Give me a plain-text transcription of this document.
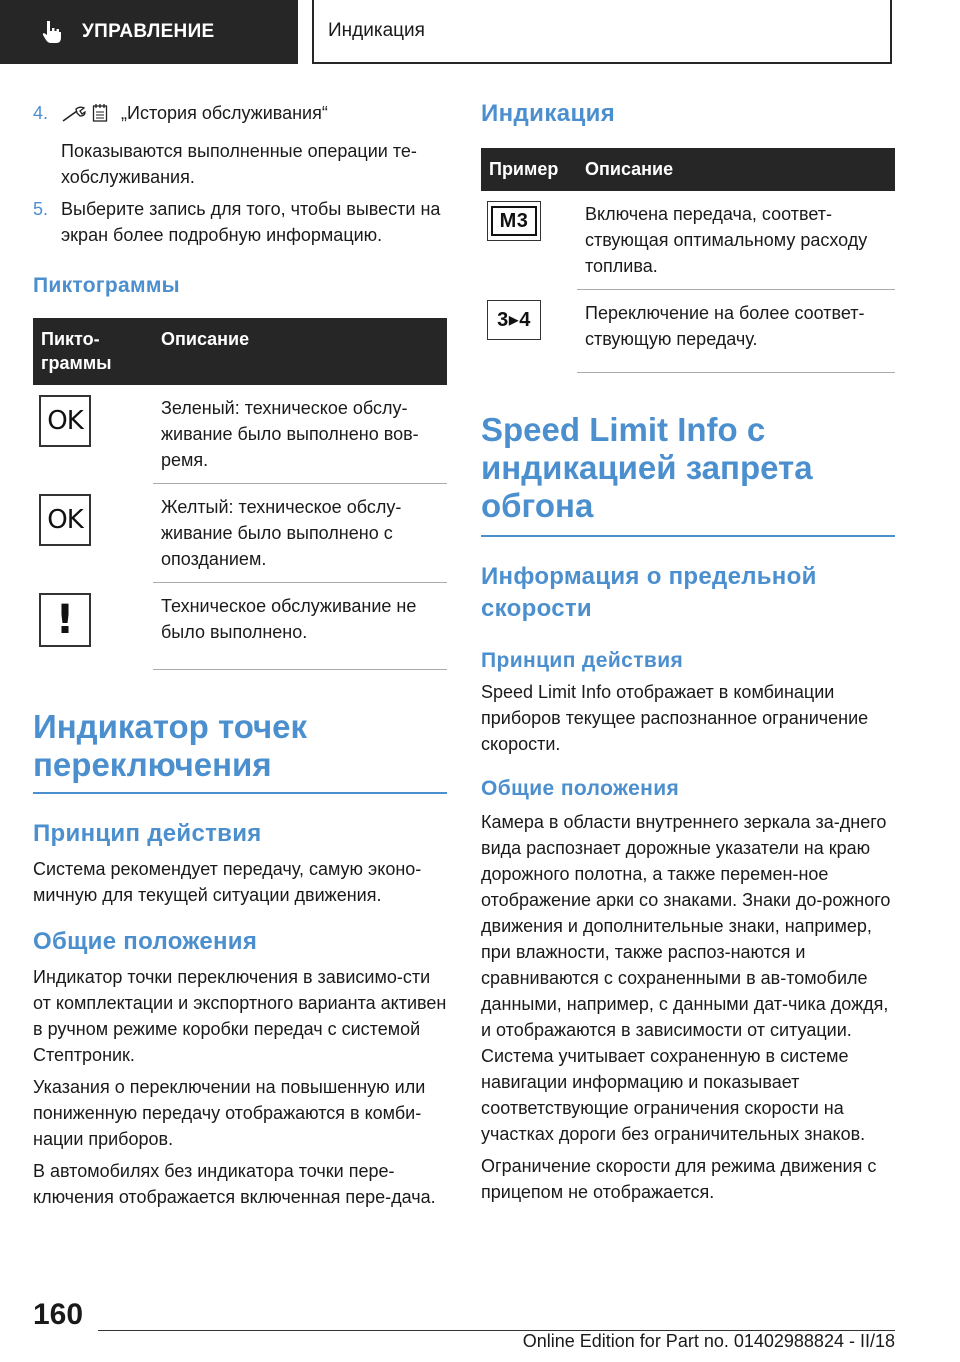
УПРАВЛЕНИЕ	Индикация
4.	„История обслуживания“
Показываются выполненные операции те-хобслуживания.
5. Выберите запись для того, чтобы вывести на экран более подробную информацию.
Пиктограммы
Пикто-граммы	Описание

OK	Зеленый: техническое обслу-живание было выполнено вов-ремя.

OK	Желтый: техническое обслу-живание было выполнено с опозданием.

!	Техническое обслуживание не было выполнено.
Индикатор точек переключения
Принцип действия

Система рекомендует передачу, самую эконо-мичную для текущей ситуации движения.

Общие положения

Индикатор точки переключения в зависимо-сти от комплектации и экспортного варианта активен в ручном режиме коробки передач с системой Стептроник.

Указания о переключении на повышенную или пониженную передачу отображаются в комби-нации приборов.

В автомобилях без индикатора точки пере-ключения отображается включенная пере-дача.

Индикация
Пример	Описание

M3	Включена передача, соответ-ствующая оптимальному расходу топлива.

3▸4	Переключение на более соответ-ствующую передачу.
Speed Limit Info с индикацией запрета обгона
Информация о предельной скорости
Принцип действия

Speed Limit Info отображает в комбинации приборов текущее распознанное ограничение скорости.

Общие положения

Камера в области внутреннего зеркала за-днего вида распознает дорожные указатели на краю дорожного полотна, а также перемен-ное отображение арки со знаками. Знаки до-рожного движения и дополнительные знаки, например, при влажности, также распоз-наются и сравниваются с сохраненными в ав-томобиле данными, например, с данными дат-чика дождя, и отображаются в зависимости от ситуации. Система учитывает сохраненную в системе навигации информацию и показывает соответствующие ограничения скорости на участках дороги без ограничительных знаков.

Ограничение скорости для режима движения с прицепом не отображается.

160
Online Edition for Part no. 01402988824 - II/18
